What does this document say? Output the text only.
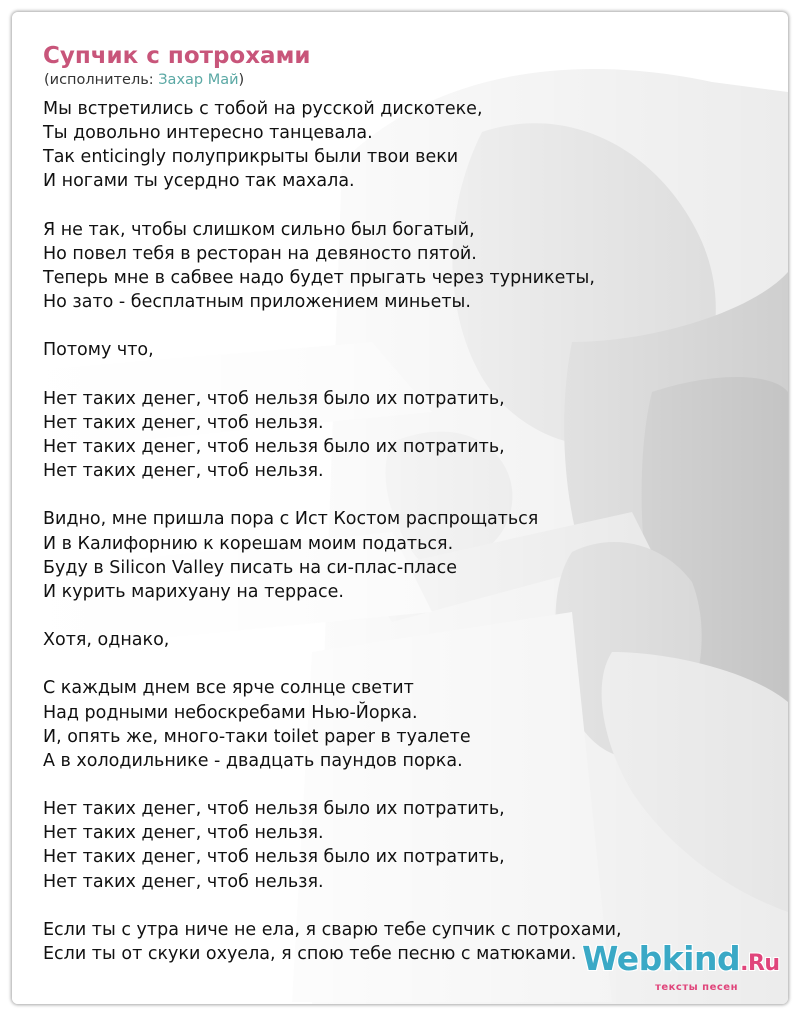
Супчик с потрохами
(исполнитель: Захар Май)
Мы встретились с тобой на русской дискотеке,
Ты довольно интересно танцевала.
Так enticingly полуприкрыты были твои веки
И ногами ты усердно так махала.
Я не так, чтобы слишком сильно был богатый,
Но повел тебя в ресторан на девяносто пятой.
Теперь мне в сабвее надо будет прыгать через турникеты,
Но зато - бесплатным приложением миньеты.
Потому что,
Нет таких денег, чтоб нельзя было их потратить,
Нет таких денег, чтоб нельзя.
Нет таких денег, чтоб нельзя было их потратить,
Нет таких денег, чтоб нельзя.
Видно, мне пришла пора с Ист Костом распрощаться
И в Калифорнию к корешам моим податься.
Буду в Silicon Valley писать на си-плас-пласе
И курить марихуану на террасе.
Хотя, однако,
С каждым днем все ярче солнце светит
Над родными небоскребами Нью-Йорка.
И, опять же, много-таки toilet paper в туалете
А в холодильнике - двадцать паундов порка.
Нет таких денег, чтоб нельзя было их потратить,
Нет таких денег, чтоб нельзя.
Нет таких денег, чтоб нельзя было их потратить,
Нет таких денег, чтоб нельзя.
Если ты с утра ниче не ела, я сварю тебе супчик с потрохами,
Если ты от скуки охуела, я спою тебе песню с матюками. Webkind.Ru
тексты песен
